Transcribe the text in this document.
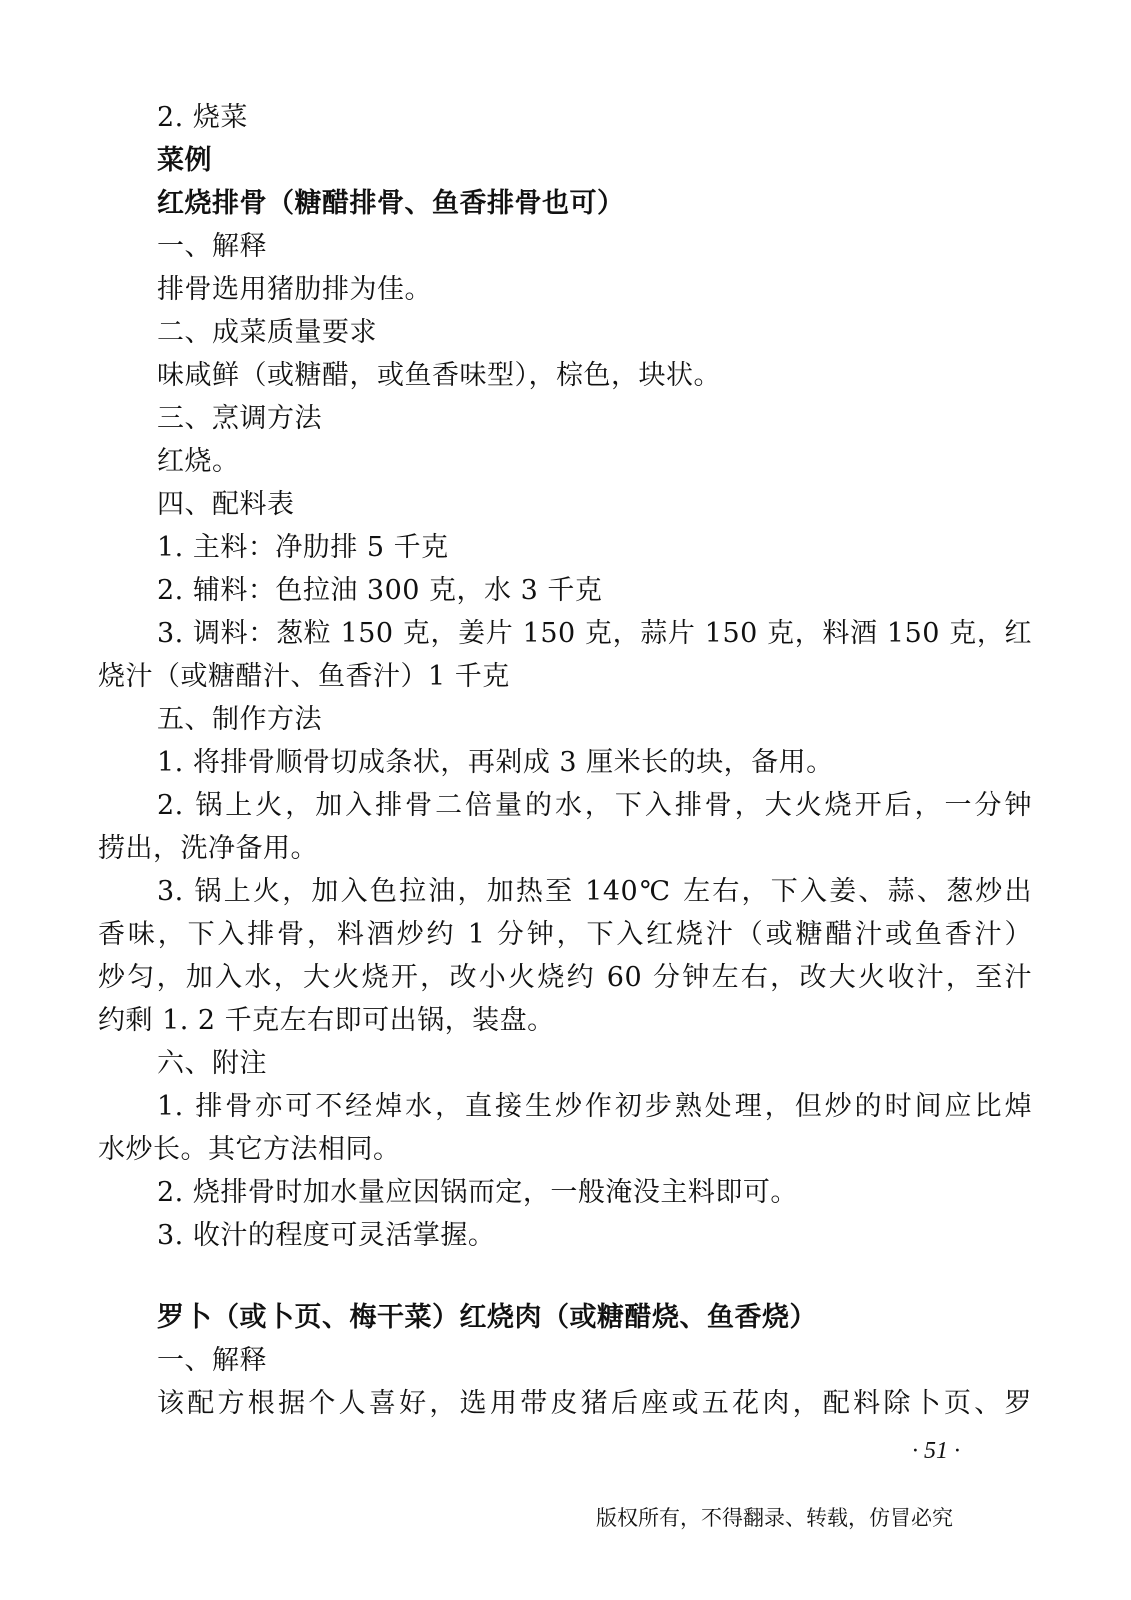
2. 烧菜
菜例
红烧排骨（糖醋排骨、鱼香排骨也可）
一、解释
排骨选用猪肋排为佳。
二、成菜质量要求
味咸鲜（或糖醋，或鱼香味型），棕色，块状。
三、烹调方法
红烧。
四、配料表
1. 主料：净肋排 5 千克
2. 辅料：色拉油 300 克，水 3 千克
3. 调料：葱粒 150 克，姜片 150 克，蒜片 150 克，料酒 150 克，红
烧汁（或糖醋汁、鱼香汁）1 千克
五、制作方法
1. 将排骨顺骨切成条状，再剁成 3 厘米长的块，备用。
2. 锅上火，加入排骨二倍量的水，下入排骨，大火烧开后，一分钟
捞出，洗净备用。
3. 锅上火，加入色拉油，加热至 140℃ 左右，下入姜、蒜、葱炒出
香味，下入排骨，料酒炒约 1 分钟，下入红烧汁（或糖醋汁或鱼香汁）
炒匀，加入水，大火烧开，改小火烧约 60 分钟左右，改大火收汁，至汁
约剩 1. 2 千克左右即可出锅，装盘。
六、附注
1. 排骨亦可不经焯水，直接生炒作初步熟处理，但炒的时间应比焯
水炒长。其它方法相同。
2. 烧排骨时加水量应因锅而定，一般淹没主料即可。
3. 收汁的程度可灵活掌握。
罗卜（或卜页、梅干菜）红烧肉（或糖醋烧、鱼香烧）
一、解释
该配方根据个人喜好，选用带皮猪后座或五花肉，配料除卜页、罗
· 51 ·
版权所有，不得翻录、转载，仿冒必究
